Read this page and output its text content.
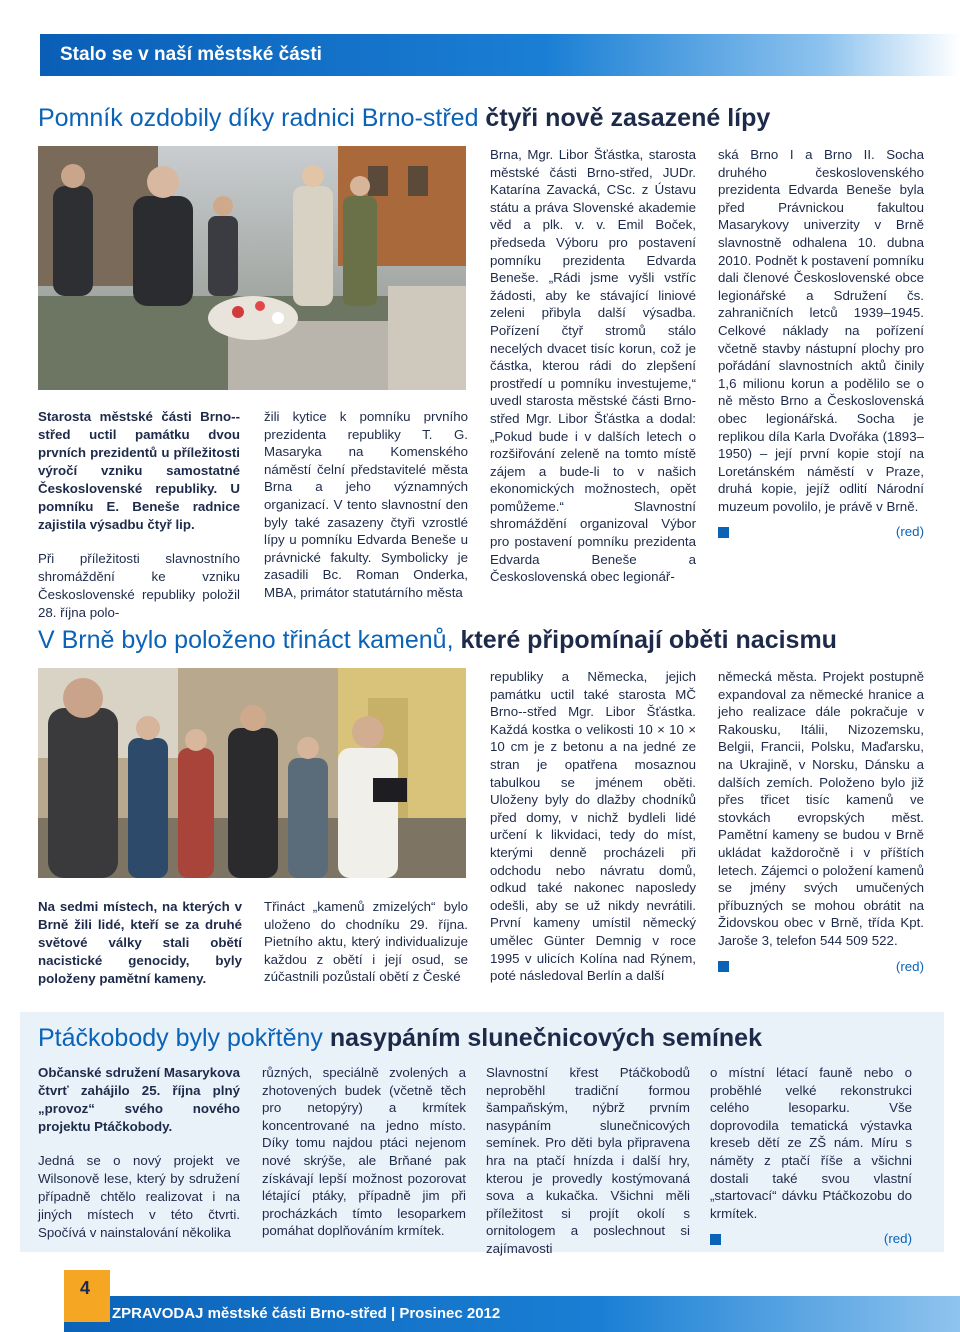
Stalo se v naší městské části
Pomník ozdobily díky radnici Brno-střed čtyři nově zasazené lípy

Starosta městské části Brno--střed uctil památku dvou prvních prezidentů u příležitosti výročí vzniku samostatné Československé republiky. U pomníku E. Beneše radnice zajistila výsadbu čtyř lip.

Při příležitosti slavnostního shromáždění ke vzniku Československé republiky položil 28. října polo-

žili kytice k pomníku prvního prezidenta republiky T. G. Masaryka na Komenského náměstí čelní představitelé města Brna a jeho významných organizací. V tento slavnostní den byly také zasazeny čtyři vzrostlé lípy u pomníku Edvarda Beneše u právnické fakulty. Symbolicky je zasadili Bc. Roman Onderka, MBA, primátor statutárního města

Brna, Mgr. Libor Šťástka, starosta městské části Brno-střed, JUDr. Katarína Zavacká, CSc. z Ústavu státu a práva Slovenské akademie věd a plk. v. v. Emil Boček, předseda Výboru pro postavení pomníku prezidenta Edvarda Beneše. „Rádi jsme vyšli vstříc žádosti, aby ke stávající liniové zeleni přibyla další výsadba. Pořízení čtyř stromů stálo necelých dvacet tisíc korun, což je částka, kterou rádi do zlepšení prostředí u pomníku investujeme,“ uvedl starosta městské části Brno-střed Mgr. Libor Šťástka a dodal: „Pokud bude i v dalších letech o rozšiřování zeleně na tomto místě zájem a bude-li to v našich ekonomických možnostech, opět pomůžeme.“ Slavnostní shromáždění organizoval Výbor pro postavení pomníku prezidenta Edvarda Beneše a Československá obec legionář-

ská Brno I a Brno II. Socha druhého československého prezidenta Edvarda Beneše byla před Právnickou fakultou Masarykovy univerzity v Brně slavnostně odhalena 10. dubna 2010. Podnět k postavení pomníku dali členové Československé obce legionářské a Sdružení čs. zahraničních letců 1939–1945. Celkové náklady na pořízení včetně stavby nástupní plochy pro pořádání slavnostních aktů činily 1,6 milionu korun a podělilo se o ně město Brno a Československá obec legionářská. Socha je replikou díla Karla Dvořáka (1893–1950) – její první kopie stojí na Loretánském náměstí v Praze, druhá kopie, jejíž odlití Národní muzeum povolilo, je právě v Brně.

(red)
V Brně bylo položeno třináct kamenů, které připomínají oběti nacismu

Na sedmi místech, na kterých v Brně žili lidé, kteří se za druhé světové války stali obětí nacistické genocidy, byly položeny pamětní kameny.

Třináct „kamenů zmizelých“ bylo uloženo do chodníku 29. října. Pietního aktu, který individualizuje každou z obětí i její osud, se zúčastnili pozůstalí obětí z České

republiky a Německa, jejich památku uctil také starosta MČ Brno--střed Mgr. Libor Šťástka. Každá kostka o velikosti 10 × 10 × 10 cm je z betonu a na jedné ze stran je opatřena mosaznou tabulkou se jménem oběti. Uloženy byly do dlažby chodníků před domy, v nichž bydleli lidé určení k likvidaci, tedy do míst, kterými denně procházeli při odchodu nebo návratu domů, odkud také nakonec naposledy odešli, aby se už nikdy nevrátili. První kameny umístil německý umělec Günter Demnig v roce 1995 v ulicích Kolína nad Rýnem, poté následoval Berlín a další

německá města. Projekt postupně expandoval za německé hranice a jeho realizace dále pokračuje v Rakousku, Itálii, Nizozemsku, Belgii, Francii, Polsku, Maďarsku, na Ukrajině, v Norsku, Dánsku a dalších zemích. Položeno bylo již přes třicet tisíc kamenů ve stovkách evropských měst. Pamětní kameny se budou v Brně ukládat každoročně i v příštích letech. Zájemci o položení kamenů se jmény svých umučených příbuzných se mohou obrátit na Židovskou obec v Brně, třída Kpt. Jaroše 3, telefon 544 509 522.

(red)
Ptáčkobody byly pokřtěny nasypáním slunečnicových semínek

Občanské sdružení Masarykova čtvrť zahájilo 25. října plný „provoz“ svého nového projektu Ptáčkobody.

Jedná se o nový projekt ve Wilsonově lese, který by sdružení případně chtělo realizovat i na jiných místech v této čtvrti. Spočívá v nainstalování několika

různých, speciálně zvolených a zhotovených budek (včetně těch pro netopýry) a krmítek koncentrované na jedno místo. Díky tomu najdou ptáci nejenom nové skrýše, ale Brňané pak získávají lepší možnost pozorovat létající ptáky, případně jim při procházkách tímto lesoparkem pomáhat doplňováním krmítek.

Slavnostní křest Ptáčkobodů neproběhl tradiční formou šampaňským, nýbrž prvním nasypáním slunečnicových semínek. Pro děti byla připravena hra na ptačí hnízda i další hry, kterou je provedly kostýmovaná sova a kukačka. Všichni měli příležitost si projít okolí s ornitologem a poslechnout si zajímavosti

o místní létací fauně nebo o proběhlé velké rekonstrukci celého lesoparku. Vše doprovodila tematická výstavka kreseb dětí ze ZŠ nám. Míru s náměty z ptačí říše a všichni dostali také svou vlastní „startovací“ dávku Ptáčkozobu do krmítek.

(red)
ZPRAVODAJ městské části Brno-střed | Prosinec 2012
4
